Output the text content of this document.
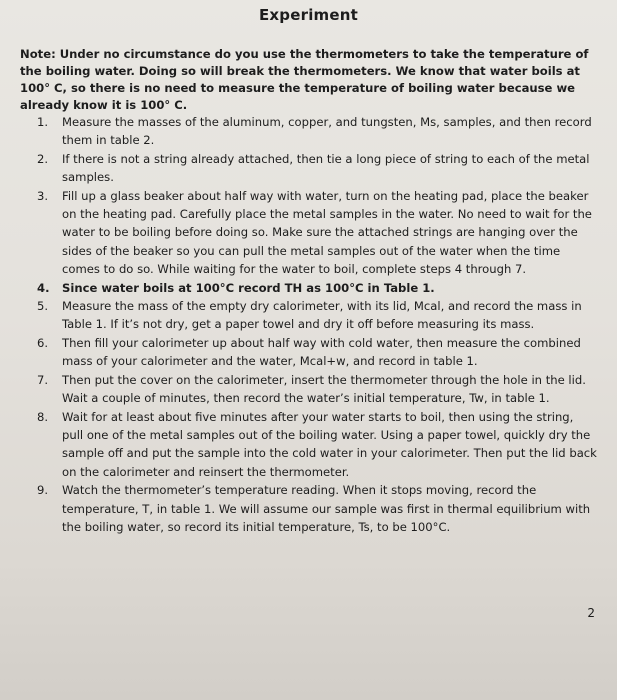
Experiment
Note: Under no circumstance do you use the thermometers to take the temperature of the boiling water. Doing so will break the thermometers. We know that water boils at 100° C, so there is no need to measure the temperature of boiling water because we already know it is 100° C.
1. Measure the masses of the aluminum, copper, and tungsten, Ms, samples, and then record them in table 2.
2. If there is not a string already attached, then tie a long piece of string to each of the metal samples.
3. Fill up a glass beaker about half way with water, turn on the heating pad, place the beaker on the heating pad. Carefully place the metal samples in the water. No need to wait for the water to be boiling before doing so. Make sure the attached strings are hanging over the sides of the beaker so you can pull the metal samples out of the water when the time comes to do so. While waiting for the water to boil, complete steps 4 through 7.
4. Since water boils at 100°C record TH as 100°C in Table 1.
5. Measure the mass of the empty dry calorimeter, with its lid, Mcal, and record the mass in Table 1. If it’s not dry, get a paper towel and dry it off before measuring its mass.
6. Then fill your calorimeter up about half way with cold water, then measure the combined mass of your calorimeter and the water, Mcal+w, and record in table 1.
7. Then put the cover on the calorimeter, insert the thermometer through the hole in the lid. Wait a couple of minutes, then record the water’s initial temperature, Tw, in table 1.
8. Wait for at least about five minutes after your water starts to boil, then using the string, pull one of the metal samples out of the boiling water. Using a paper towel, quickly dry the sample off and put the sample into the cold water in your calorimeter. Then put the lid back on the calorimeter and reinsert the thermometer.
9. Watch the thermometer’s temperature reading. When it stops moving, record the temperature, T, in table 1. We will assume our sample was first in thermal equilibrium with the boiling water, so record its initial temperature, Ts, to be 100°C.
2
